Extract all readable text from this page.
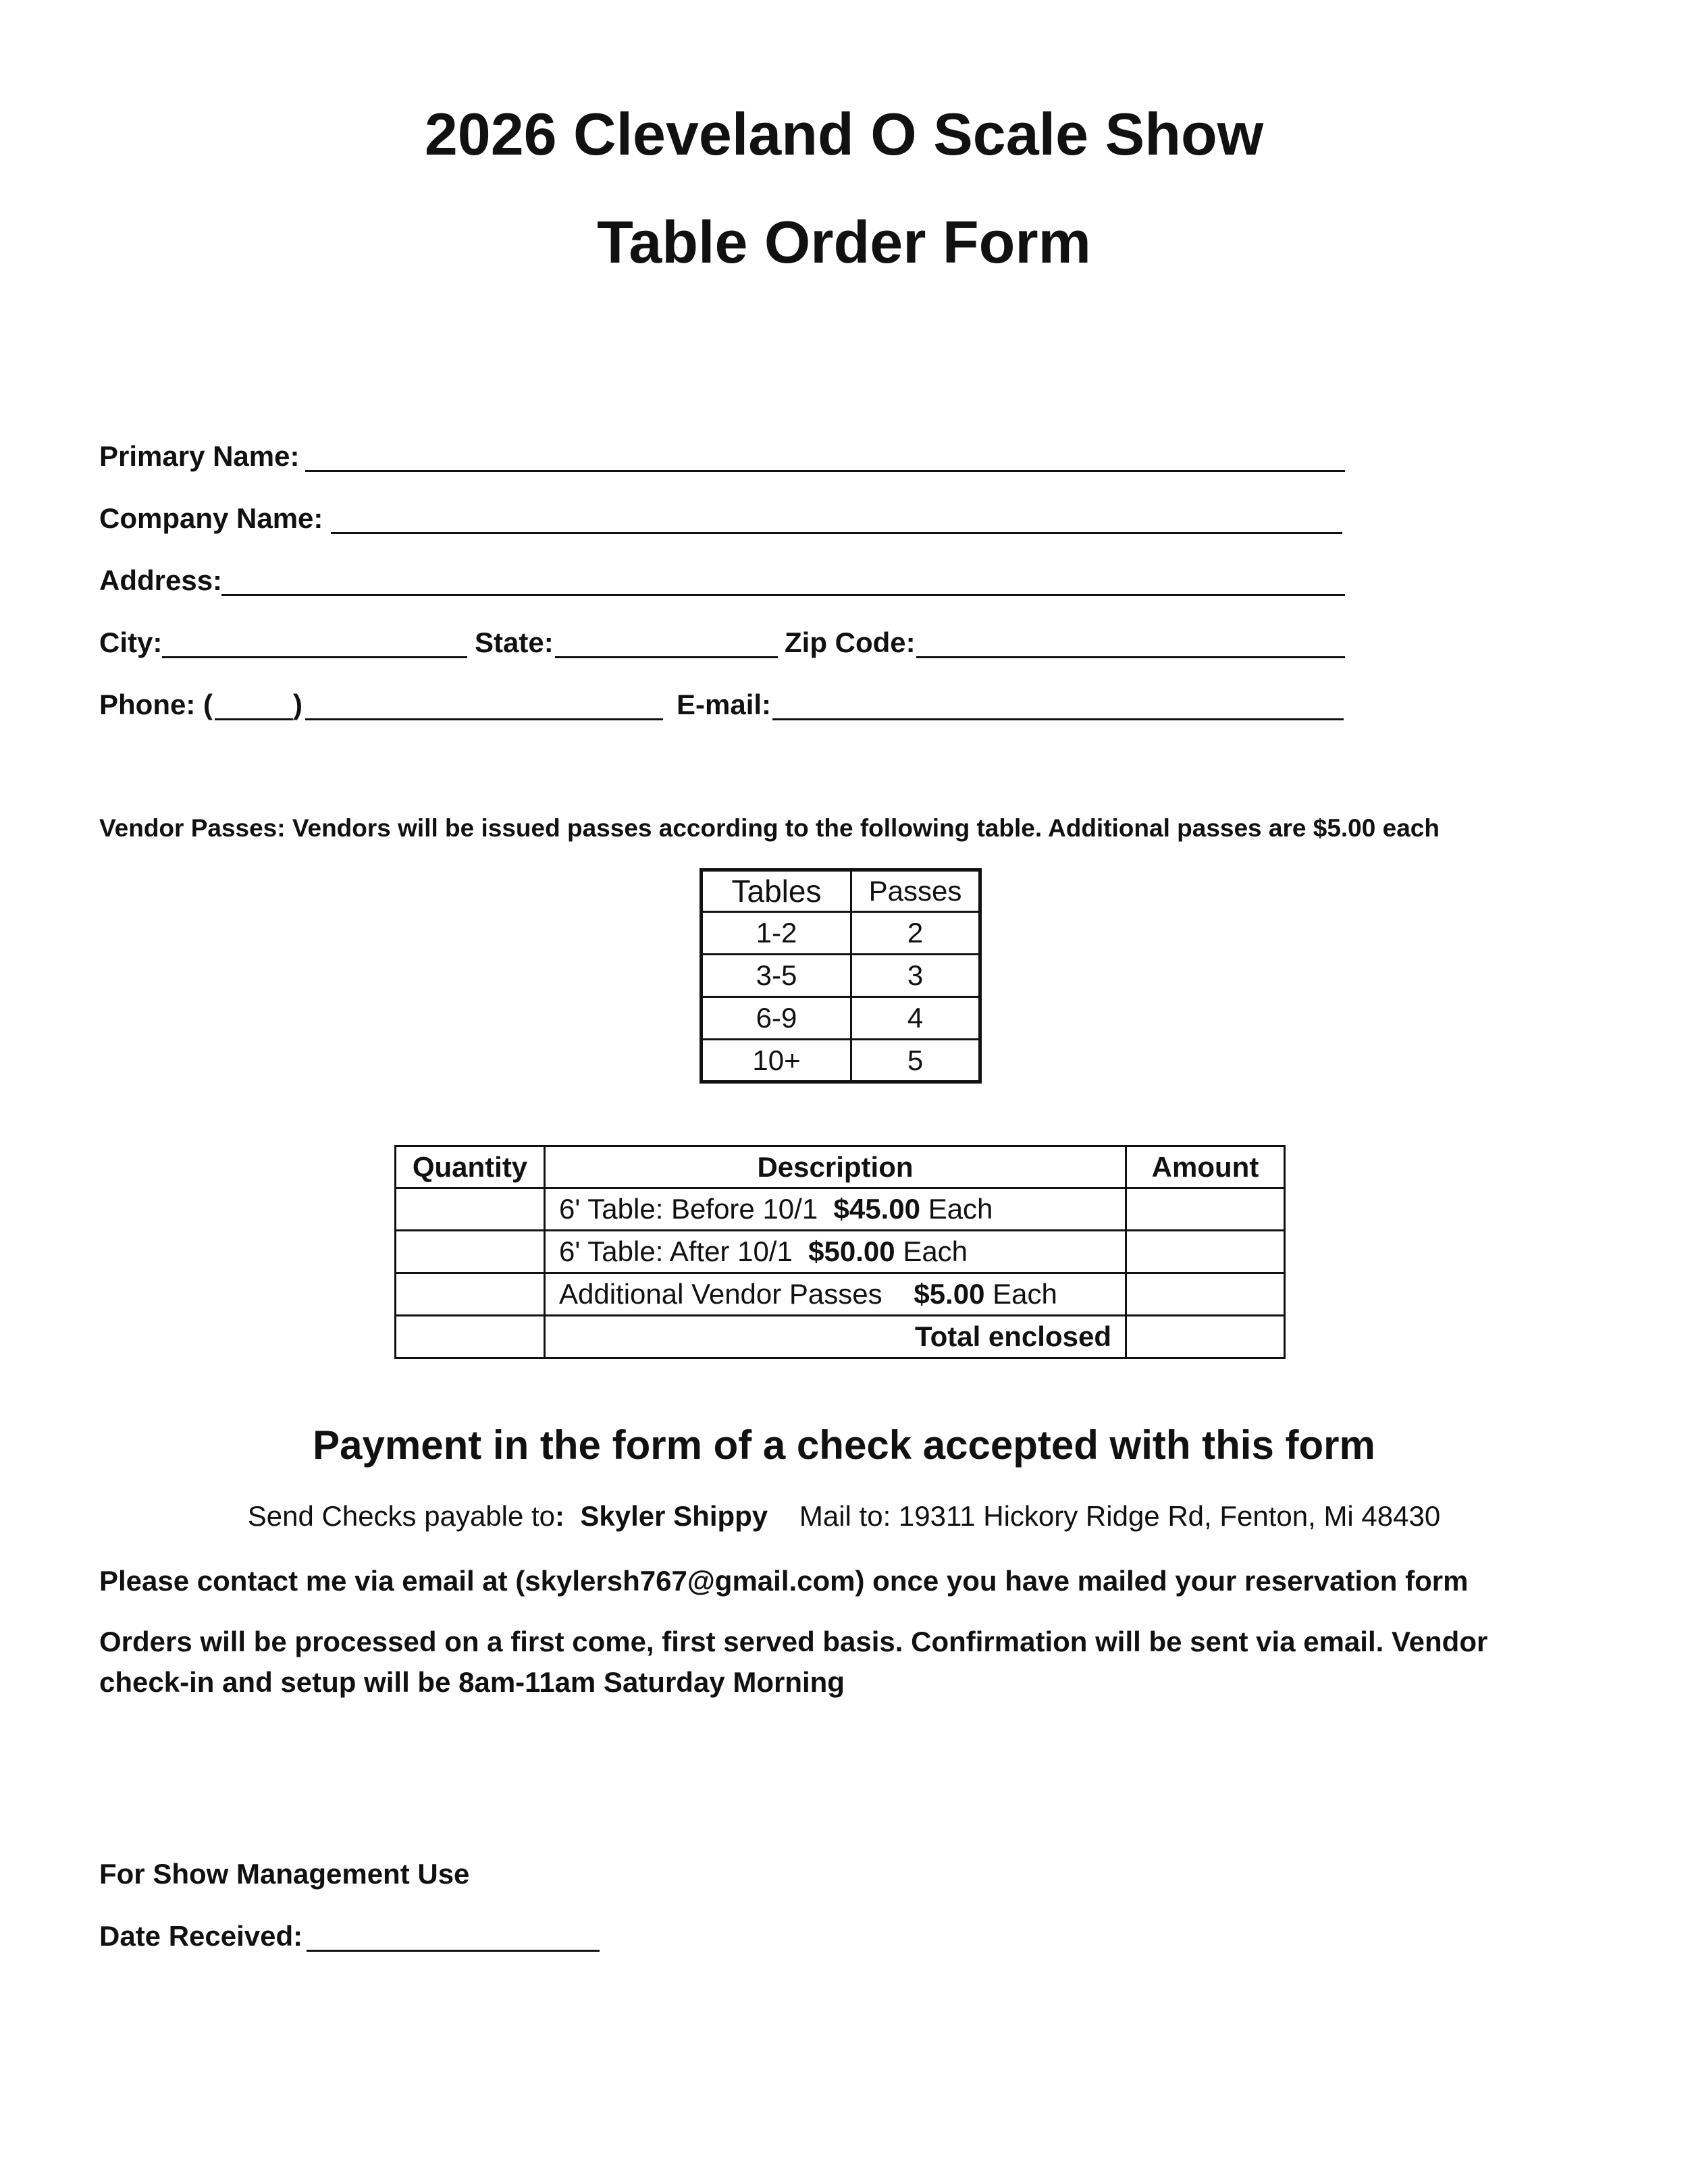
2026 Cleveland O Scale Show
Table Order Form
Primary Name:
Company Name:
Address:
City:	State:	Zip Code:
Phone: (	)	E-mail:
Vendor Passes: Vendors will be issued passes according to the following table. Additional passes are $5.00 each
Tables	Passes
1-2	2
3-5	3
6-9	4
10+	5
Quantity	Description	Amount
	6' Table: Before 10/1 $45.00 Each	
	6' Table: After 10/1 $50.00 Each	
	Additional Vendor Passes $5.00 Each	
	Total enclosed	
Payment in the form of a check accepted with this form
Send Checks payable to: Skyler Shippy Mail to: 19311 Hickory Ridge Rd, Fenton, Mi 48430
Please contact me via email at (skylersh767@gmail.com) once you have mailed your reservation form
Orders will be processed on a first come, first served basis. Confirmation will be sent via email. Vendor check-in and setup will be 8am-11am Saturday Morning
For Show Management Use
Date Received:
